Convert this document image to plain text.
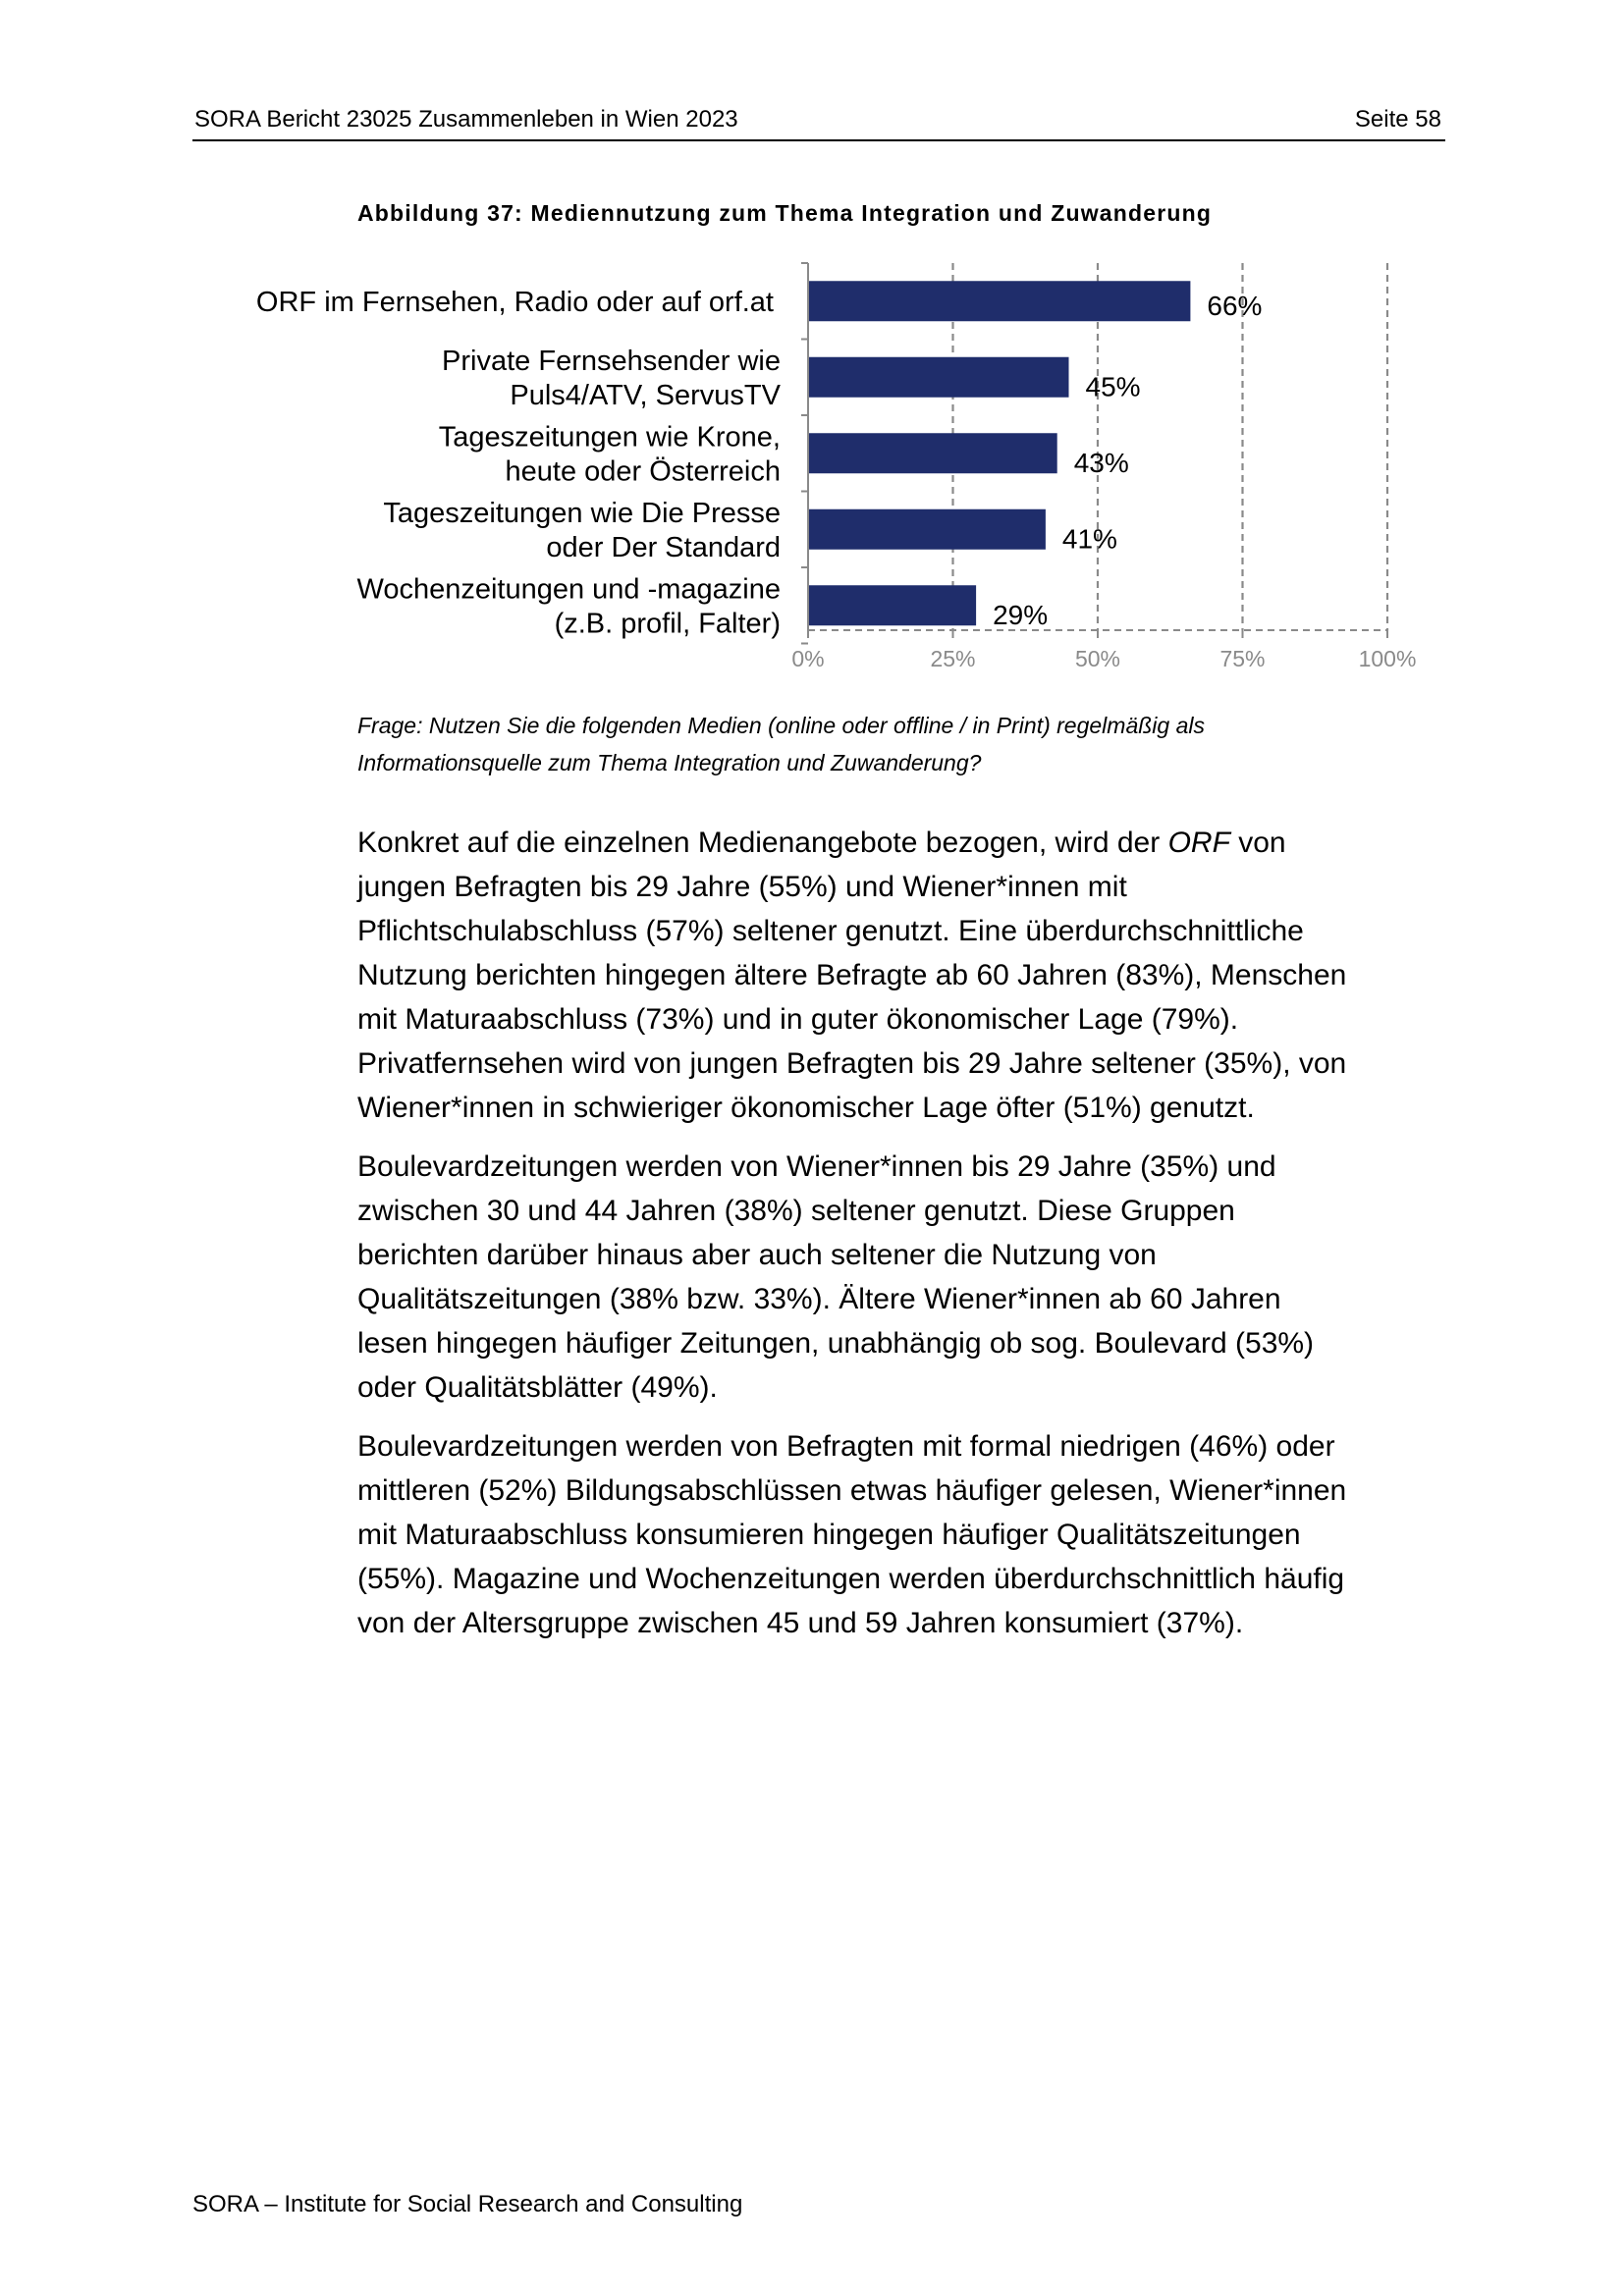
SORA Bericht 23025 Zusammenleben in Wien 2023	Seite 58
Abbildung 37: Mediennutzung zum Thema Integration und Zuwanderung
0%	25%	50%	75%	100%
66%
45%
43%
41%
29%
ORF im Fernsehen, Radio oder auf orf.at
Private Fernsehsender wie
Puls4/ATV, ServusTV
Tageszeitungen wie Krone,
heute oder Österreich
Tageszeitungen wie Die Presse
oder Der Standard
Wochenzeitungen und -magazine
(z.B. profil, Falter)
Frage: Nutzen Sie die folgenden Medien (online oder offline / in Print) regelmäßig als
Informationsquelle zum Thema Integration und Zuwanderung?

Konkret auf die einzelnen Medienangebote bezogen, wird der ORF von
jungen Befragten bis 29 Jahre (55%) und Wiener*innen mit
Pflichtschulabschluss (57%) seltener genutzt. Eine überdurchschnittliche
Nutzung berichten hingegen ältere Befragte ab 60 Jahren (83%), Menschen
mit Maturaabschluss (73%) und in guter ökonomischer Lage (79%).
Privatfernsehen wird von jungen Befragten bis 29 Jahre seltener (35%), von
Wiener*innen in schwieriger ökonomischer Lage öfter (51%) genutzt.

Boulevardzeitungen werden von Wiener*innen bis 29 Jahre (35%) und
zwischen 30 und 44 Jahren (38%) seltener genutzt. Diese Gruppen
berichten darüber hinaus aber auch seltener die Nutzung von
Qualitätszeitungen (38% bzw. 33%). Ältere Wiener*innen ab 60 Jahren
lesen hingegen häufiger Zeitungen, unabhängig ob sog. Boulevard (53%)
oder Qualitätsblätter (49%).

Boulevardzeitungen werden von Befragten mit formal niedrigen (46%) oder
mittleren (52%) Bildungsabschlüssen etwas häufiger gelesen, Wiener*innen
mit Maturaabschluss konsumieren hingegen häufiger Qualitätszeitungen
(55%). Magazine und Wochenzeitungen werden überdurchschnittlich häufig
von der Altersgruppe zwischen 45 und 59 Jahren konsumiert (37%).

SORA – Institute for Social Research and Consulting
